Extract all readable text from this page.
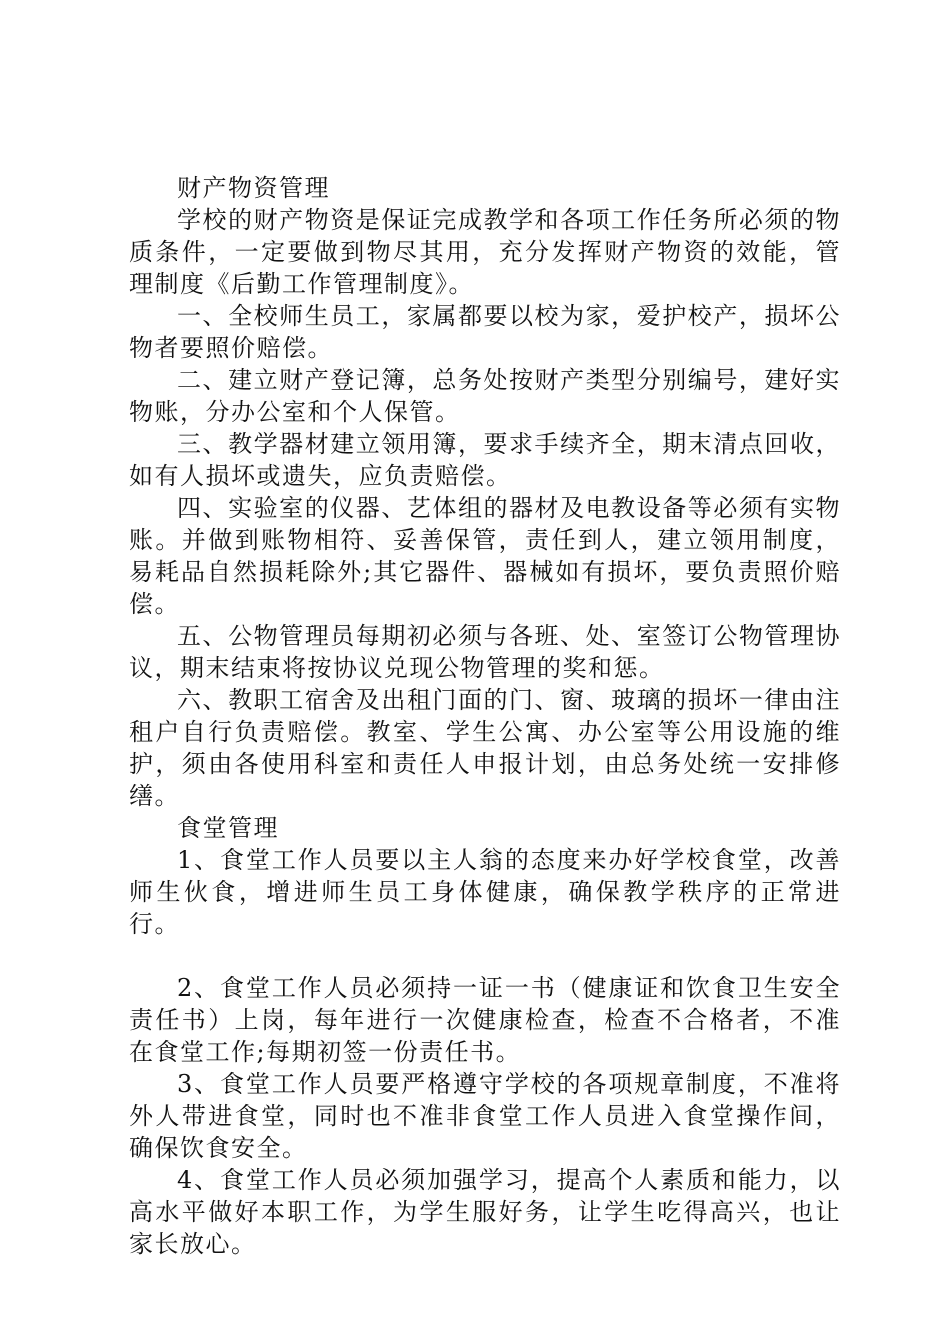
财产物资管理

学校的财产物资是保证完成教学和各项工作任务所必须的物质条件，一定要做到物尽其用，充分发挥财产物资的效能，管理制度《后勤工作管理制度》。

一、全校师生员工，家属都要以校为家，爱护校产，损坏公物者要照价赔偿。

二、建立财产登记簿，总务处按财产类型分别编号，建好实物账，分办公室和个人保管。

三、教学器材建立领用簿，要求手续齐全，期末清点回收，如有人损坏或遗失，应负责赔偿。

四、实验室的仪器、艺体组的器材及电教设备等必须有实物账。并做到账物相符、妥善保管，责任到人，建立领用制度，易耗品自然损耗除外;其它器件、器械如有损坏，要负责照价赔偿。

五、公物管理员每期初必须与各班、处、室签订公物管理协议，期末结束将按协议兑现公物管理的奖和惩。

六、教职工宿舍及出租门面的门、窗、玻璃的损坏一律由注租户自行负责赔偿。教室、学生公寓、办公室等公用设施的维护，须由各使用科室和责任人申报计划，由总务处统一安排修缮。

食堂管理

1、食堂工作人员要以主人翁的态度来办好学校食堂，改善师生伙食，增进师生员工身体健康，确保教学秩序的正常进行。

2、食堂工作人员必须持一证一书（健康证和饮食卫生安全责任书）上岗，每年进行一次健康检查，检查不合格者，不准在食堂工作;每期初签一份责任书。

3、食堂工作人员要严格遵守学校的各项规章制度，不准将外人带进食堂，同时也不准非食堂工作人员进入食堂操作间，确保饮食安全。

4、食堂工作人员必须加强学习，提高个人素质和能力，以高水平做好本职工作，为学生服好务，让学生吃得高兴，也让家长放心。
